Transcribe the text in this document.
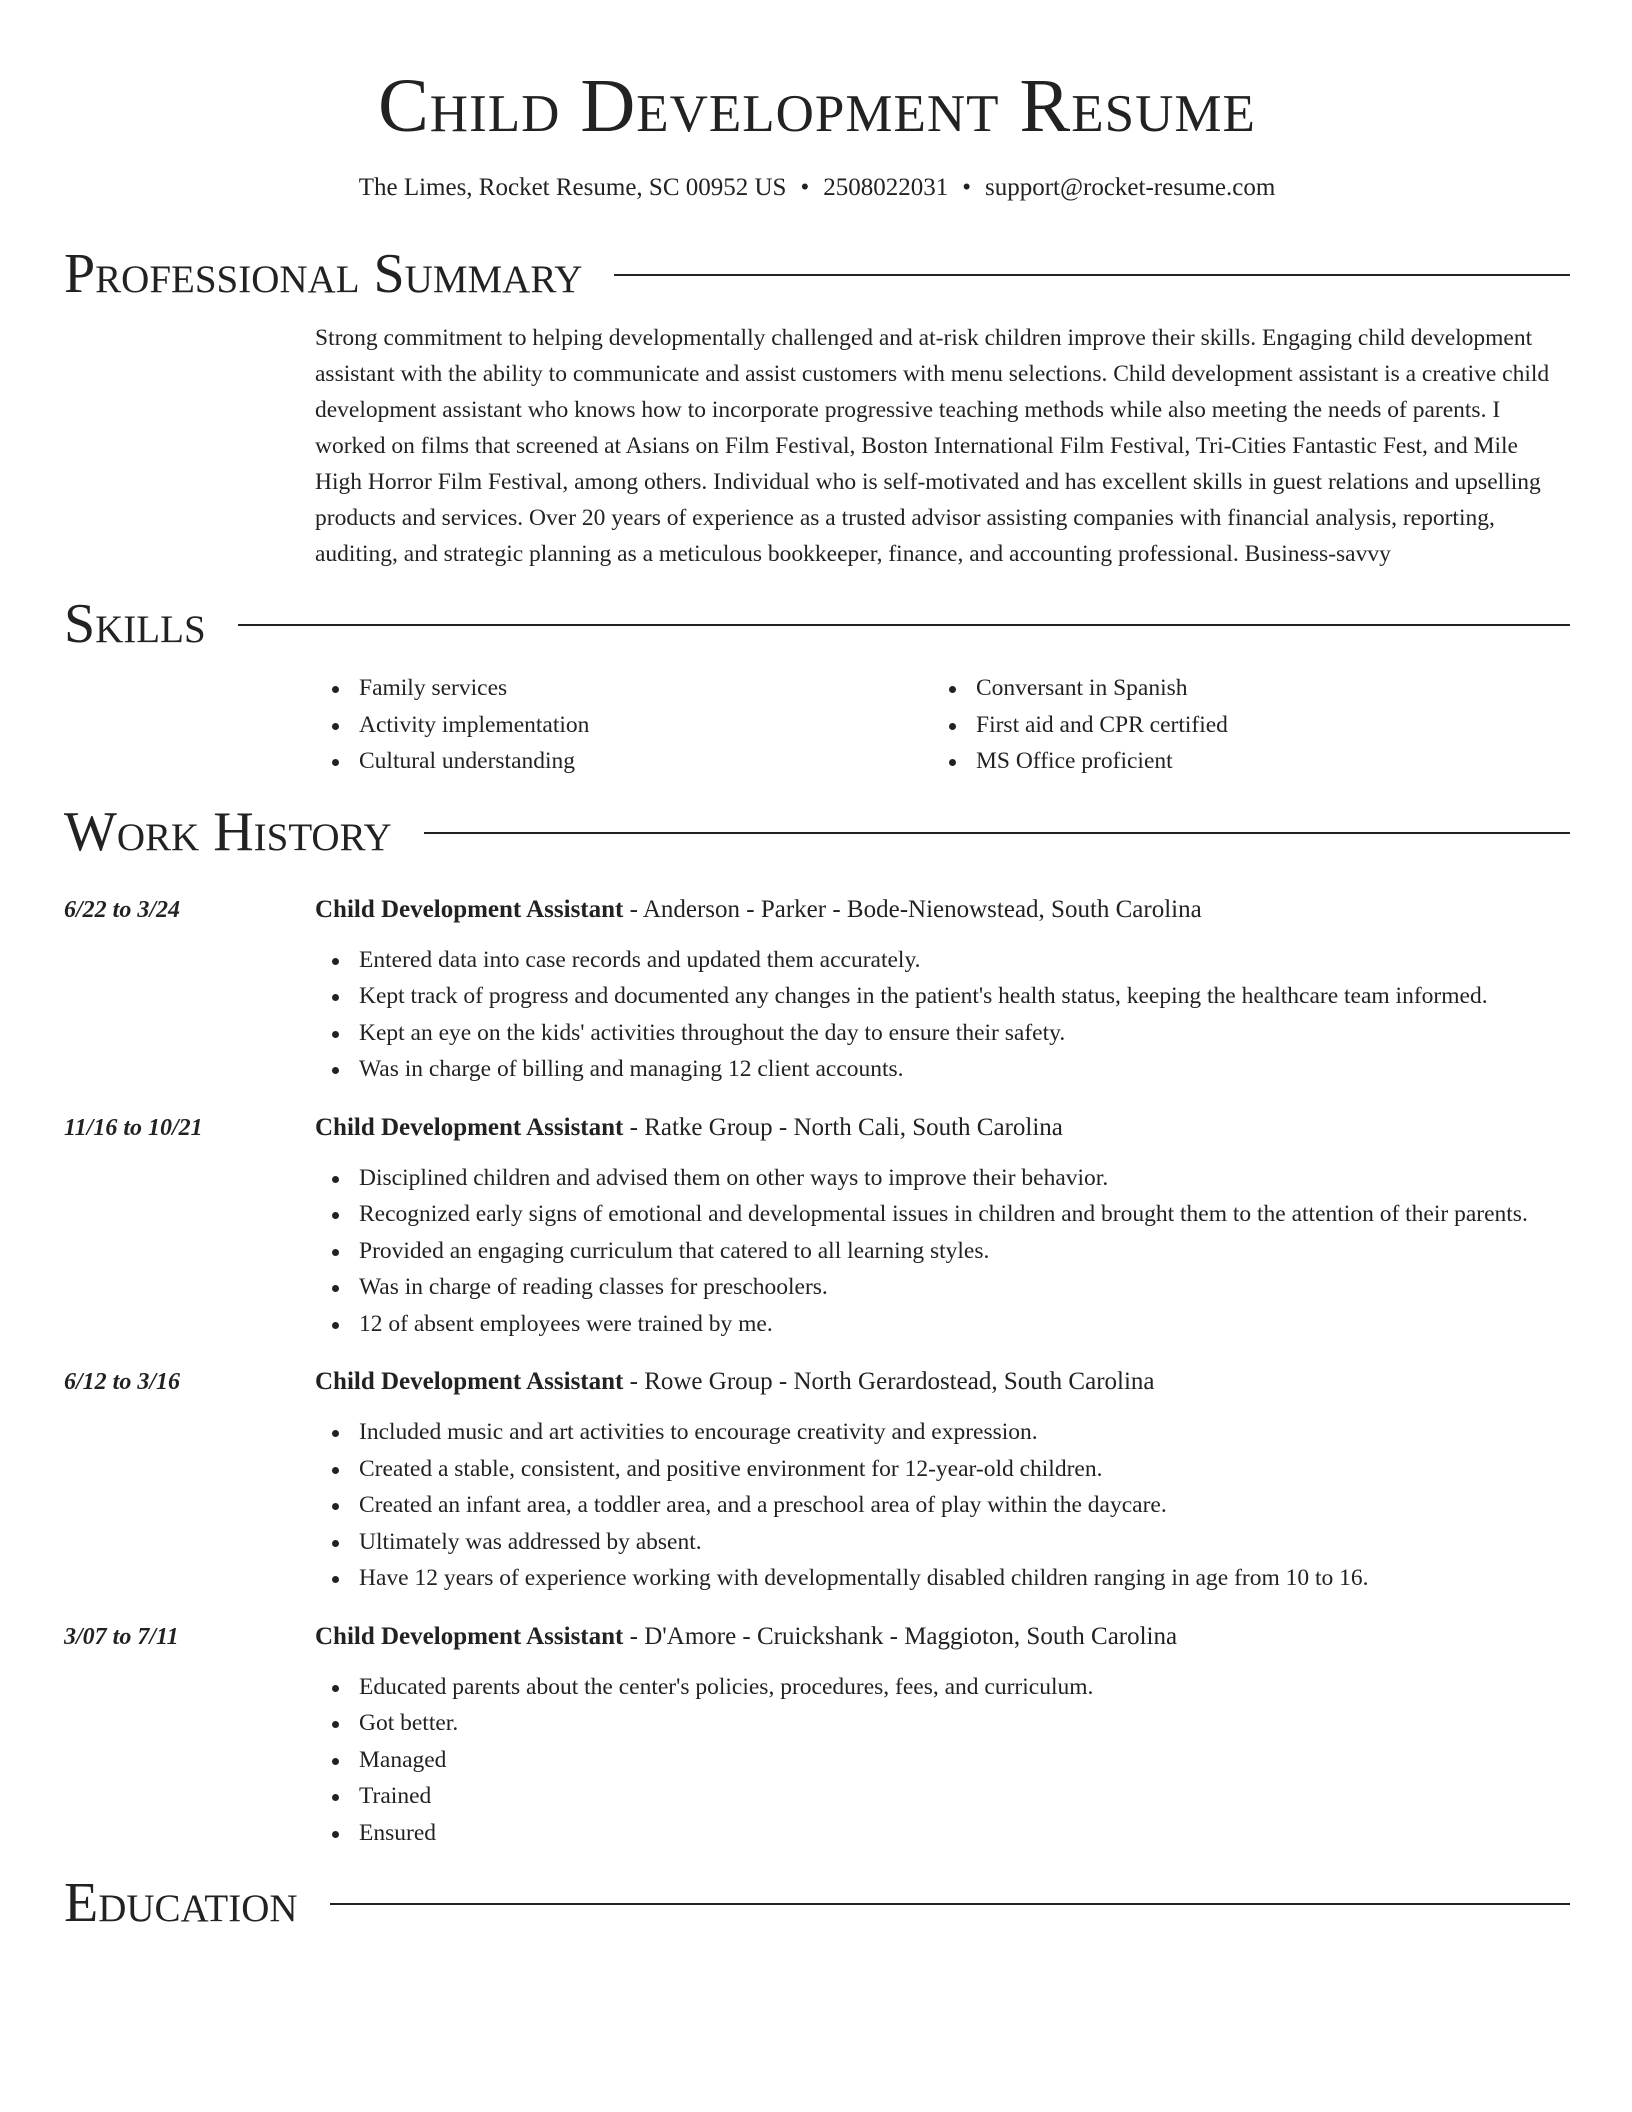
Child Development Resume
The Limes, Rocket Resume, SC 00952 US • 2508022031 • support@rocket-resume.com
Professional Summary
Strong commitment to helping developmentally challenged and at-risk children improve their skills. Engaging child development assistant with the ability to communicate and assist customers with menu selections. Child development assistant is a creative child development assistant who knows how to incorporate progressive teaching methods while also meeting the needs of parents. I worked on films that screened at Asians on Film Festival, Boston International Film Festival, Tri-Cities Fantastic Fest, and Mile High Horror Film Festival, among others. Individual who is self-motivated and has excellent skills in guest relations and upselling products and services. Over 20 years of experience as a trusted advisor assisting companies with financial analysis, reporting, auditing, and strategic planning as a meticulous bookkeeper, finance, and accounting professional. Business-savvy
Skills
Family services
Activity implementation
Cultural understanding
Conversant in Spanish
First aid and CPR certified
MS Office proficient
Work History
6/22 to 3/24	Child Development Assistant - Anderson - Parker - Bode-Nienowstead, South Carolina
Entered data into case records and updated them accurately.
Kept track of progress and documented any changes in the patient's health status, keeping the healthcare team informed.
Kept an eye on the kids' activities throughout the day to ensure their safety.
Was in charge of billing and managing 12 client accounts.
11/16 to 10/21	Child Development Assistant - Ratke Group - North Cali, South Carolina
Disciplined children and advised them on other ways to improve their behavior.
Recognized early signs of emotional and developmental issues in children and brought them to the attention of their parents.
Provided an engaging curriculum that catered to all learning styles.
Was in charge of reading classes for preschoolers.
12 of absent employees were trained by me.
6/12 to 3/16	Child Development Assistant - Rowe Group - North Gerardostead, South Carolina
Included music and art activities to encourage creativity and expression.
Created a stable, consistent, and positive environment for 12-year-old children.
Created an infant area, a toddler area, and a preschool area of play within the daycare.
Ultimately was addressed by absent.
Have 12 years of experience working with developmentally disabled children ranging in age from 10 to 16.
3/07 to 7/11	Child Development Assistant - D'Amore - Cruickshank - Maggioton, South Carolina
Educated parents about the center's policies, procedures, fees, and curriculum.
Got better.
Managed
Trained
Ensured
Education
